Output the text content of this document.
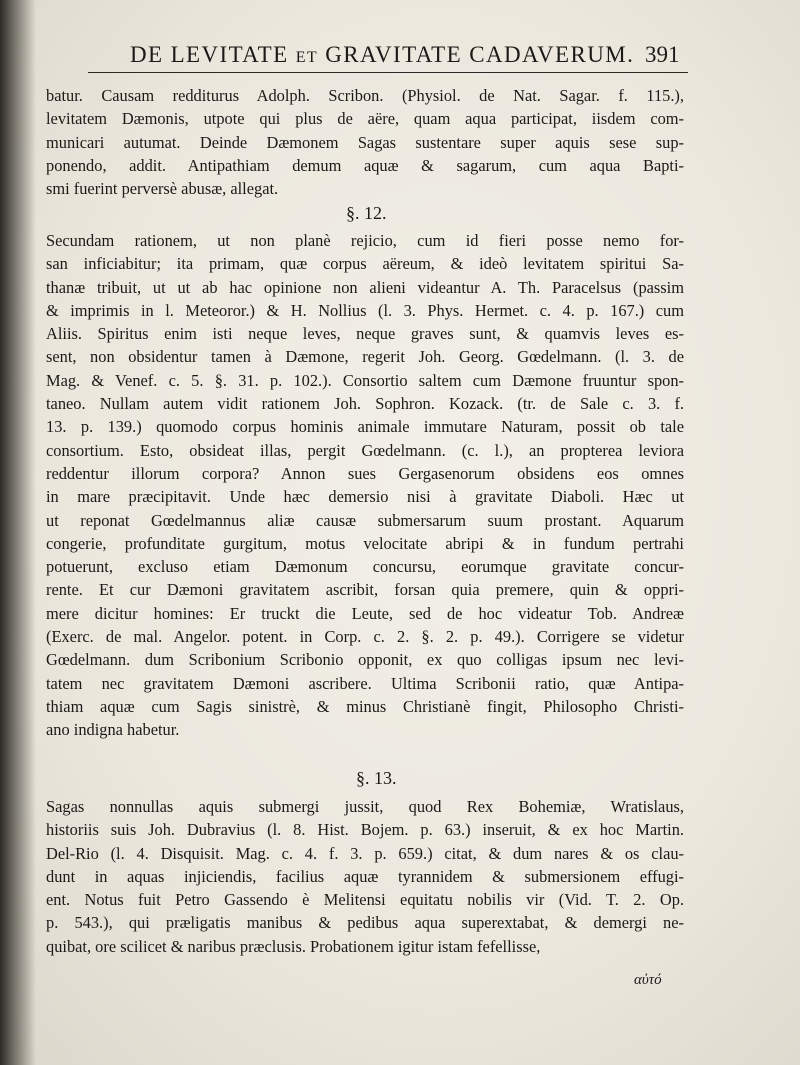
DE LEVITATE ET GRAVITATE CADAVERUM. 391
batur. Causam redditurus Adolph. Scribon. (Physiol. de Nat. Sagar. f. 115.),
levitatem Dæmonis, utpote qui plus de aëre, quam aqua participat, iisdem com-
municari autumat. Deinde Dæmonem Sagas sustentare super aquis sese sup-
ponendo, addit. Antipathiam demum aquæ & sagarum, cum aqua Bapti-
smi fuerint perversè abusæ, allegat.
§. 12.
Secundam rationem, ut non planè rejicio, cum id fieri posse nemo for-
san inficiabitur; ita primam, quæ corpus aëreum, & ideò levitatem spiritui Sa-
thanæ tribuit, ut ut ab hac opinione non alieni videantur A. Th. Paracelsus (passim
& imprimis in l. Meteoror.) & H. Nollius (l. 3. Phys. Hermet. c. 4. p. 167.) cum
Aliis. Spiritus enim isti neque leves, neque graves sunt, & quamvis leves es-
sent, non obsidentur tamen à Dæmone, regerit Joh. Georg. Gœdelmann. (l. 3. de
Mag. & Venef. c. 5. §. 31. p. 102.). Consortio saltem cum Dæmone fruuntur spon-
taneo. Nullam autem vidit rationem Joh. Sophron. Kozack. (tr. de Sale c. 3. f.
13. p. 139.) quomodo corpus hominis animale immutare Naturam, possit ob tale
consortium. Esto, obsideat illas, pergit Gœdelmann. (c. l.), an propterea leviora
reddentur illorum corpora? Annon sues Gergasenorum obsidens eos omnes
in mare præcipitavit. Unde hæc demersio nisi à gravitate Diaboli. Hæc ut
ut reponat Gœdelmannus aliæ causæ submersarum suum prostant. Aquarum
congerie, profunditate gurgitum, motus velocitate abripi & in fundum pertrahi
potuerunt, excluso etiam Dæmonum concursu, eorumque gravitate concur-
rente. Et cur Dæmoni gravitatem ascribit, forsan quia premere, quin & oppri-
mere dicitur homines: Er truckt die Leute, sed de hoc videatur Tob. Andreæ
(Exerc. de mal. Angelor. potent. in Corp. c. 2. §. 2. p. 49.). Corrigere se videtur
Gœdelmann. dum Scribonium Scribonio opponit, ex quo colligas ipsum nec levi-
tatem nec gravitatem Dæmoni ascribere. Ultima Scribonii ratio, quæ Antipa-
thiam aquæ cum Sagis sinistrè, & minus Christianè fingit, Philosopho Christi-
ano indigna habetur.
§. 13.
Sagas nonnullas aquis submergi jussit, quod Rex Bohemiæ, Wratislaus,
historiis suis Joh. Dubravius (l. 8. Hist. Bojem. p. 63.) inseruit, & ex hoc Martin.
Del-Rio (l. 4. Disquisit. Mag. c. 4. f. 3. p. 659.) citat, & dum nares & os clau-
dunt in aquas injiciendis, facilius aquæ tyrannidem & submersionem effugi-
ent. Notus fuit Petro Gassendo è Melitensi equitatu nobilis vir (Vid. T. 2. Op.
p. 543.), qui præligatis manibus & pedibus aqua superextabat, & demergi ne-
quibat, ore scilicet & naribus præclusis. Probationem igitur istam fefellisse,
αὐτό
